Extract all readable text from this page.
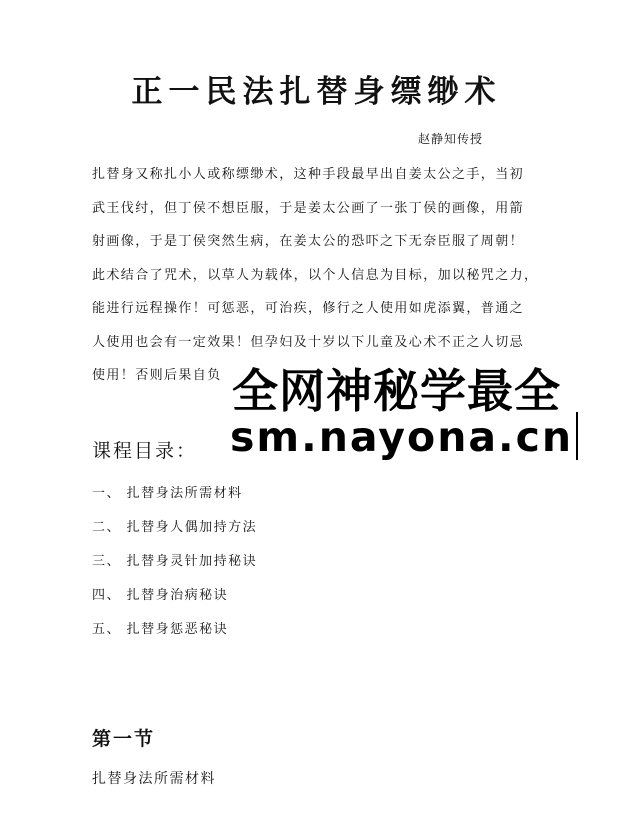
正一民法扎替身缥缈术
赵静知传授

扎替身又称扎小人或称缥缈术，这种手段最早出自姜太公之手，当初

武王伐纣，但丁侯不想臣服，于是姜太公画了一张丁侯的画像，用箭

射画像，于是丁侯突然生病，在姜太公的恐吓之下无奈臣服了周朝！

此术结合了咒术，以草人为载体，以个人信息为目标，加以秘咒之力，

能进行远程操作！可惩恶，可治疾，修行之人使用如虎添翼，普通之

人使用也会有一定效果！但孕妇及十岁以下儿童及心术不正之人切忌

使用！否则后果自负

课程目录：
一、 扎替身法所需材料
二、 扎替身人偶加持方法
三、 扎替身灵针加持秘诀
四、 扎替身治病秘诀
五、 扎替身惩恶秘诀
全网神秘学最全
sm.nayona.cn
第一节
扎替身法所需材料
